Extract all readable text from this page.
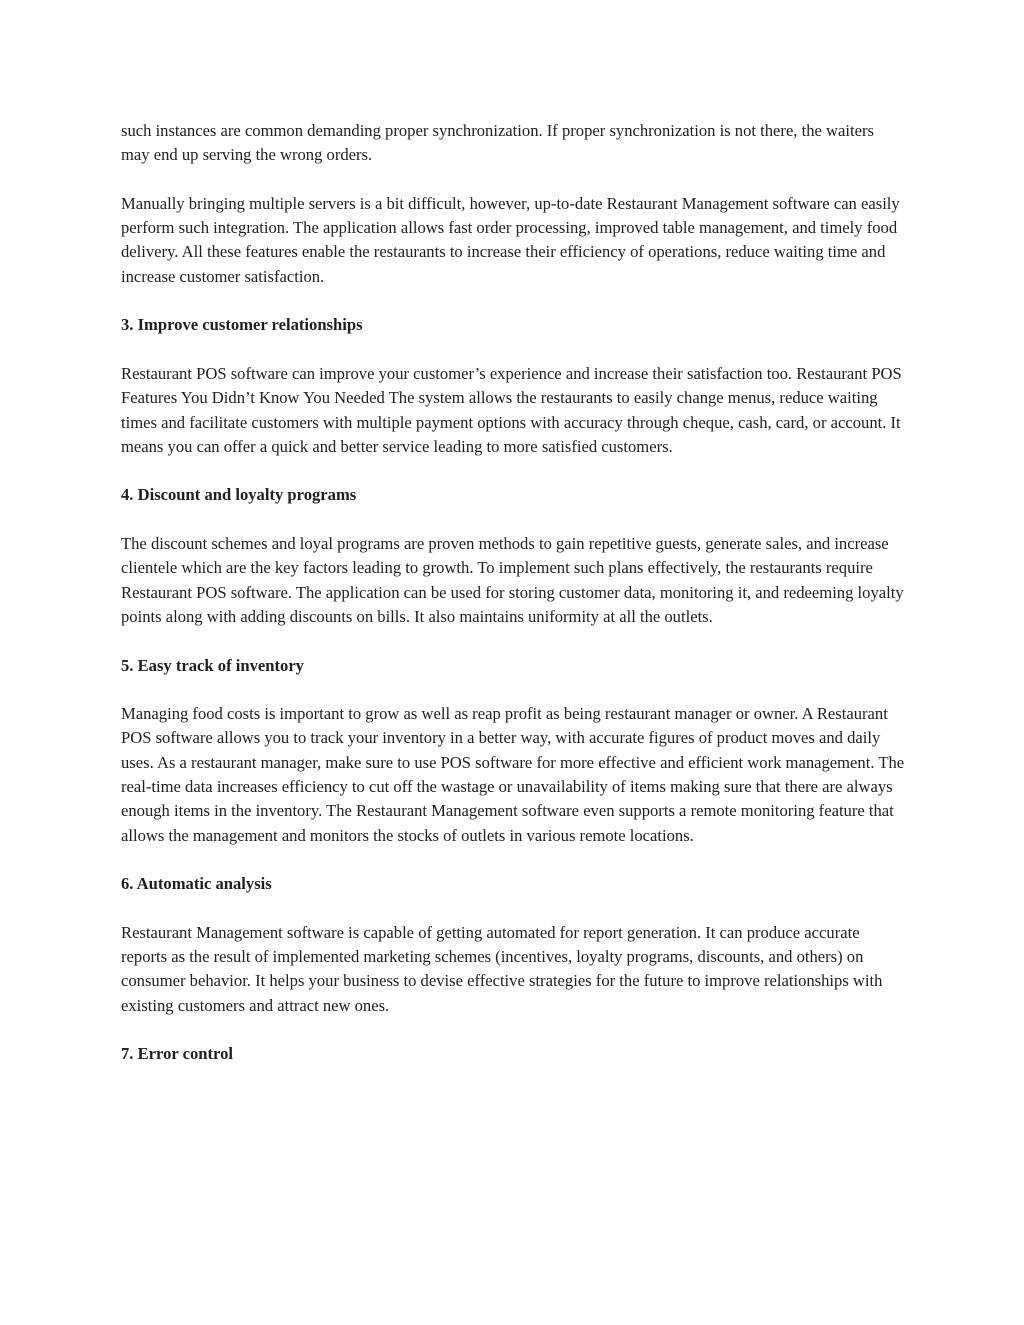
such instances are common demanding proper synchronization. If proper synchronization is not there, the waiters may end up serving the wrong orders.

Manually bringing multiple servers is a bit difficult, however, up-to-date Restaurant Management software can easily perform such integration. The application allows fast order processing, improved table management, and timely food delivery. All these features enable the restaurants to increase their efficiency of operations, reduce waiting time and increase customer satisfaction.

3. Improve customer relationships

Restaurant POS software can improve your customer’s experience and increase their satisfaction too. Restaurant POS Features You Didn’t Know You Needed The system allows the restaurants to easily change menus, reduce waiting times and facilitate customers with multiple payment options with accuracy through cheque, cash, card, or account. It means you can offer a quick and better service leading to more satisfied customers.

4. Discount and loyalty programs

The discount schemes and loyal programs are proven methods to gain repetitive guests, generate sales, and increase clientele which are the key factors leading to growth. To implement such plans effectively, the restaurants require Restaurant POS software. The application can be used for storing customer data, monitoring it, and redeeming loyalty points along with adding discounts on bills. It also maintains uniformity at all the outlets.

5. Easy track of inventory

Managing food costs is important to grow as well as reap profit as being restaurant manager or owner. A Restaurant POS software allows you to track your inventory in a better way, with accurate figures of product moves and daily uses. As a restaurant manager, make sure to use POS software for more effective and efficient work management. The real-time data increases efficiency to cut off the wastage or unavailability of items making sure that there are always enough items in the inventory. The Restaurant Management software even supports a remote monitoring feature that allows the management and monitors the stocks of outlets in various remote locations.

6. Automatic analysis

Restaurant Management software is capable of getting automated for report generation. It can produce accurate reports as the result of implemented marketing schemes (incentives, loyalty programs, discounts, and others) on consumer behavior. It helps your business to devise effective strategies for the future to improve relationships with existing customers and attract new ones.

7. Error control
